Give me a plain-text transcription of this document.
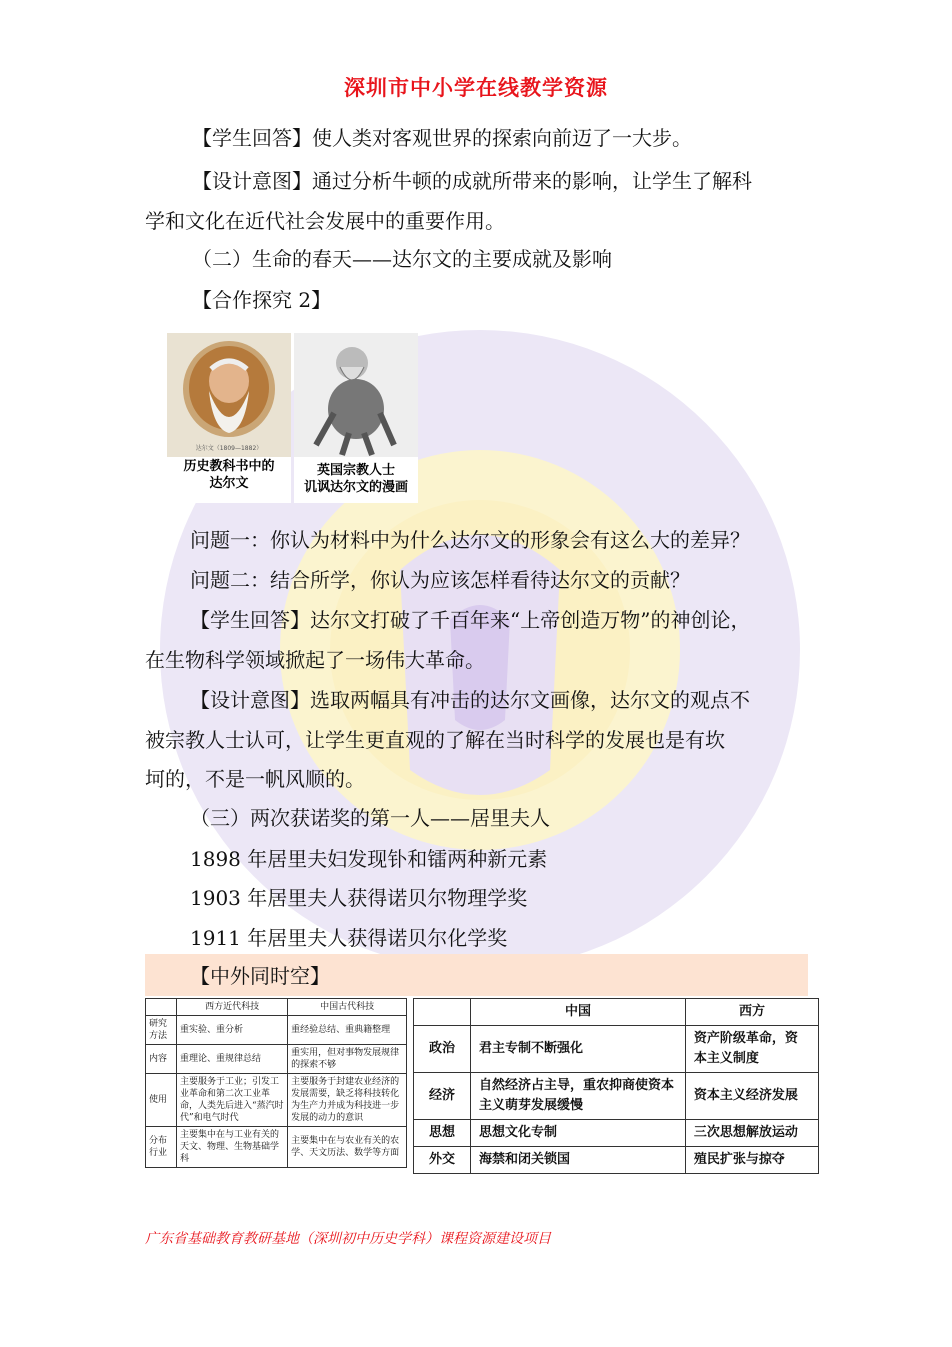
深圳市中小学在线教学资源
【学生回答】使人类对客观世界的探索向前迈了一大步。
【设计意图】通过分析牛顿的成就所带来的影响，让学生了解科
学和文化在近代社会发展中的重要作用。
（二）生命的春天——达尔文的主要成就及影响
【合作探究 2】
达尔文（1809—1882）
历史教科书中的
达尔文
英国宗教人士
讥讽达尔文的漫画
问题一：你认为材料中为什么达尔文的形象会有这么大的差异？
问题二：结合所学，你认为应该怎样看待达尔文的贡献？
【学生回答】达尔文打破了千百年来“上帝创造万物”的神创论，
在生物科学领域掀起了一场伟大革命。
【设计意图】选取两幅具有冲击的达尔文画像，达尔文的观点不
被宗教人士认可，让学生更直观的了解在当时科学的发展也是有坎
坷的，不是一帆风顺的。
（三）两次获诺奖的第一人——居里夫人
1898 年居里夫妇发现钋和镭两种新元素
1903 年居里夫人获得诺贝尔物理学奖
1911 年居里夫人获得诺贝尔化学奖
【中外同时空】
	西方近代科技	中国古代科技
研究方法	重实验、重分析	重经验总结、重典籍整理
内容	重理论、重规律总结	重实用，但对事物发展规律的探索不够
使用	主要服务于工业；引发工业革命和第二次工业革命，人类先后进入“蒸汽时代”和电气时代	主要服务于封建农业经济的发展需要，缺乏将科技转化为生产力并成为科技进一步发展的动力的意识
分布行业	主要集中在与工业有关的天文、物理、生物基础学科	主要集中在与农业有关的农学、天文历法、数学等方面
	中国	西方
政治	君主专制不断强化	资产阶级革命，资本主义制度
经济	自然经济占主导，重农抑商使资本主义萌芽发展缓慢	资本主义经济发展
思想	思想文化专制	三次思想解放运动
外交	海禁和闭关锁国	殖民扩张与掠夺
广东省基础教育教研基地（深圳初中历史学科）课程资源建设项目
